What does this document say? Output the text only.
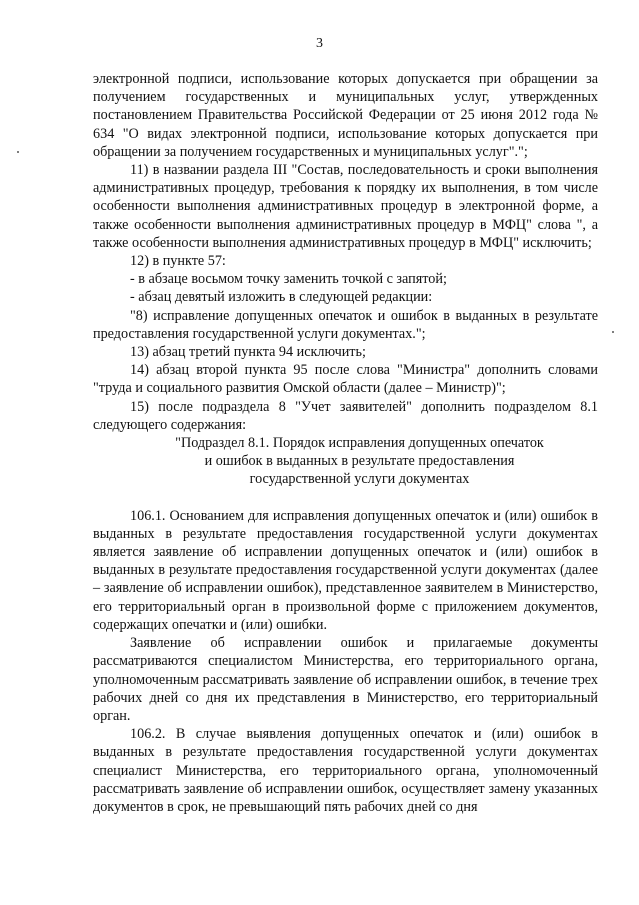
3

электронной подписи, использование которых допускается при обращении за получением государственных и муниципальных услуг, утвержденных постановлением Правительства Российской Федерации от 25 июня 2012 года № 634 "О видах электронной подписи, использование которых допускается при обращении за получением государственных и муниципальных услуг".";

11) в названии раздела III "Состав, последовательность и сроки выполнения административных процедур, требования к порядку их выполнения, в том числе особенности выполнения административных процедур в электронной форме, а также особенности выполнения административных процедур в МФЦ" слова ", а также особенности выполнения административных процедур в МФЦ" исключить;

12) в пункте 57:

- в абзаце восьмом точку заменить точкой с запятой;

- абзац девятый изложить в следующей редакции:

"8) исправление допущенных опечаток и ошибок в выданных в результате предоставления государственной услуги документах.";

13) абзац третий пункта 94 исключить;

14) абзац второй пункта 95 после слова "Министра" дополнить словами "труда и социального развития Омской области (далее – Министр)";

15) после подраздела 8 "Учет заявителей" дополнить подразделом 8.1 следующего содержания:

"Подраздел 8.1. Порядок исправления допущенных опечаток

и ошибок в выданных в результате предоставления

государственной услуги документах

106.1. Основанием для исправления допущенных опечаток и (или) ошибок в выданных в результате предоставления государственной услуги документах является заявление об исправлении допущенных опечаток и (или) ошибок в выданных в результате предоставления государственной услуги документах (далее – заявление об исправлении ошибок), представленное заявителем в Министерство, его территориальный орган в произвольной форме с приложением документов, содержащих опечатки и (или) ошибки.

Заявление об исправлении ошибок и прилагаемые документы рассматриваются специалистом Министерства, его территориального органа, уполномоченным рассматривать заявление об исправлении ошибок, в течение трех рабочих дней со дня их представления в Министерство, его территориальный орган.

106.2. В случае выявления допущенных опечаток и (или) ошибок в выданных в результате предоставления государственной услуги документах специалист Министерства, его территориального органа, уполномоченный рассматривать заявление об исправлении ошибок, осуществляет замену указанных документов в срок, не превышающий пять рабочих дней со дня
